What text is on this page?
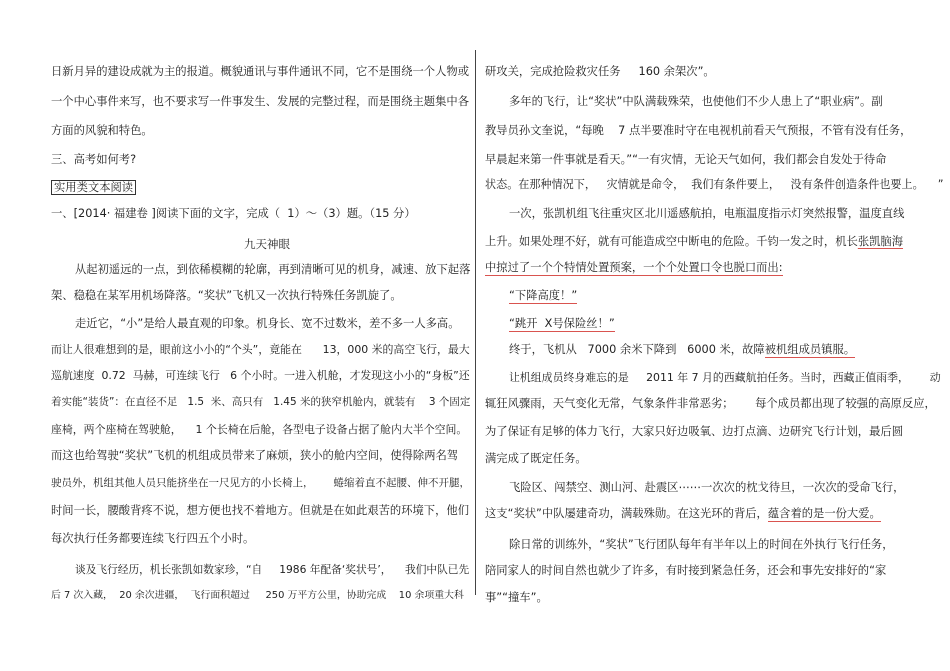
日新月异的建设成就为主的报道。概貌通讯与事件通讯不同，它不是围绕一个人物或
一个中心事件来写，也不要求写一件事发生、发展的完整过程，而是围绕主题集中各
方面的风貌和特色。
三、高考如何考?
实用类文本阅读
一、[2014· 福建卷 ]阅读下面的文字，完成（  1）～（3）题。（15 分）
九天神眼
从起初遥远的一点，到依稀模糊的轮廓，再到清晰可见的机身，减速、放下起落
架、稳稳在某军用机场降落。“奖状”飞机又一次执行特殊任务凯旋了。
走近它，“小”是给人最直观的印象。机身长、宽不过数米，差不多一人多高。
而让人很难想到的是，眼前这小小的“个头”，竟能在      13，000 米的高空飞行，最大
巡航速度  0.72  马赫，可连续飞行   6 个小时。一进入机舱，才发现这小小的“身板”还
着实能“装货”：在直径不足   1.5  米、高只有   1.45 米的狭窄机舱内，就装有    3 个固定
座椅，两个座椅在驾驶舱，    1 个长椅在后舱，各型电子设备占据了舱内大半个空间。
而这也给驾驶“奖状”飞机的机组成员带来了麻烦，狭小的舱内空间，使得除两名驾
驶员外，机组其他人员只能挤坐在一尺见方的小长椅上，      蜷缩着直不起腰、伸不开腿，
时间一长，腰酸背疼不说，想方便也找不着地方。但就是在如此艰苦的环境下，他们
每次执行任务都要连续飞行四五个小时。
谈及飞行经历，机长张凯如数家珍，“自     1986 年配备‘奖状号’，    我们中队已先
后 7 次入藏，  20 余次进疆，  飞行面积超过     250 万平方公里，协助完成    10 余项重大科
研攻关，完成抢险救灾任务     160 余架次”。
多年的飞行，让“奖状”中队满载殊荣，也使他们不少人患上了“职业病”。副
教导员孙文奎说，“每晚    7 点半要准时守在电视机前看天气预报，不管有没有任务，
早晨起来第一件事就是看天。”“一有灾情，无论天气如何，我们都会自发处于待命
状态。在那种情况下，   灾情就是命令，  我们有条件要上，   没有条件创造条件也要上。    ”
一次，张凯机组飞往重灾区北川遥感航拍，电瓶温度指示灯突然报警，温度直线
上升。如果处理不好，就有可能造成空中断电的危险。千钧一发之时，机长张凯脑海
中掠过了一个个特情处置预案，一个个处置口令也脱口而出:
“下降高度！”
“跳开  X号保险丝！”
终于，飞机从   7000 余米下降到   6000 米，故障被机组成员镇服。
让机组成员终身难忘的是     2011 年 7 月的西藏航拍任务。当时，西藏正值雨季，      动
辄狂风骤雨，天气变化无常，气象条件非常恶劣；      每个成员都出现了较强的高原反应，
为了保证有足够的体力飞行，大家只好边吸氧、边打点滴、边研究飞行计划，最后圆
满完成了既定任务。
飞险区、闯禁空、测山河、赴震区⋯⋯一次次的枕戈待旦，一次次的受命飞行，
这支“奖状”中队屡建奇功，满载殊勋。在这光环的背后，蕴含着的是一份大爱。
除日常的训练外，“奖状”飞行团队每年有半年以上的时间在外执行飞行任务，
陪同家人的时间自然也就少了许多，有时接到紧急任务，还会和事先安排好的“家
事”“撞车”。
